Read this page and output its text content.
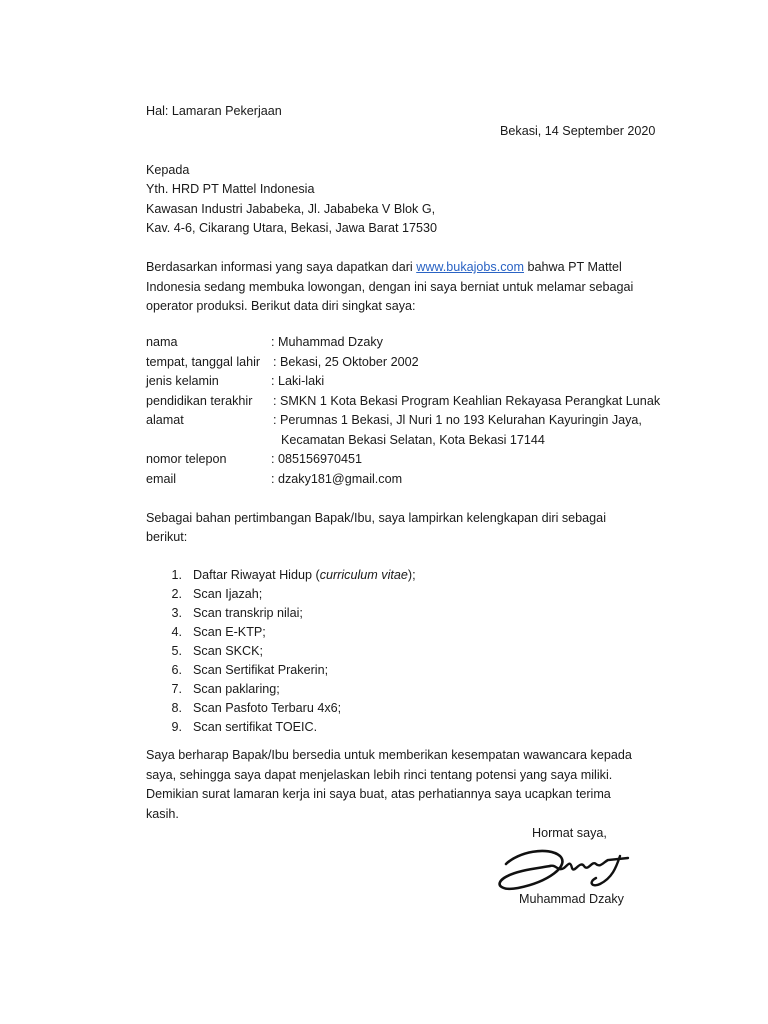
Hal: Lamaran Pekerjaan
Bekasi, 14 September 2020
Kepada
Yth. HRD PT Mattel Indonesia
Kawasan Industri Jababeka, Jl. Jababeka V Blok G,
Kav. 4-6, Cikarang Utara, Bekasi, Jawa Barat 17530
Berdasarkan informasi yang saya dapatkan dari www.bukajobs.com bahwa PT Mattel
Indonesia sedang membuka lowongan, dengan ini saya berniat untuk melamar sebagai
operator produksi. Berikut data diri singkat saya:
nama	: Muhammad Dzaky
tempat, tanggal lahir : Bekasi, 25 Oktober 2002
jenis kelamin	: Laki-laki
pendidikan terakhir : SMKN 1 Kota Bekasi Program Keahlian Rekayasa Perangkat Lunak
alamat	: Perumnas 1 Bekasi, Jl Nuri 1 no 193 Kelurahan Kayuringin Jaya,
Kecamatan Bekasi Selatan, Kota Bekasi 17144
nomor telepon	: 085156970451
email	: dzaky181@gmail.com
Sebagai bahan pertimbangan Bapak/Ibu, saya lampirkan kelengkapan diri sebagai
berikut:
1. Daftar Riwayat Hidup (curriculum vitae);
2. Scan Ijazah;
3. Scan transkrip nilai;
4. Scan E-KTP;
5. Scan SKCK;
6. Scan Sertifikat Prakerin;
7. Scan paklaring;
8. Scan Pasfoto Terbaru 4x6;
9. Scan sertifikat TOEIC.
Saya berharap Bapak/Ibu bersedia untuk memberikan kesempatan wawancara kepada
saya, sehingga saya dapat menjelaskan lebih rinci tentang potensi yang saya miliki.
Demikian surat lamaran kerja ini saya buat, atas perhatiannya saya ucapkan terima
kasih.
Hormat saya,
Muhammad Dzaky
